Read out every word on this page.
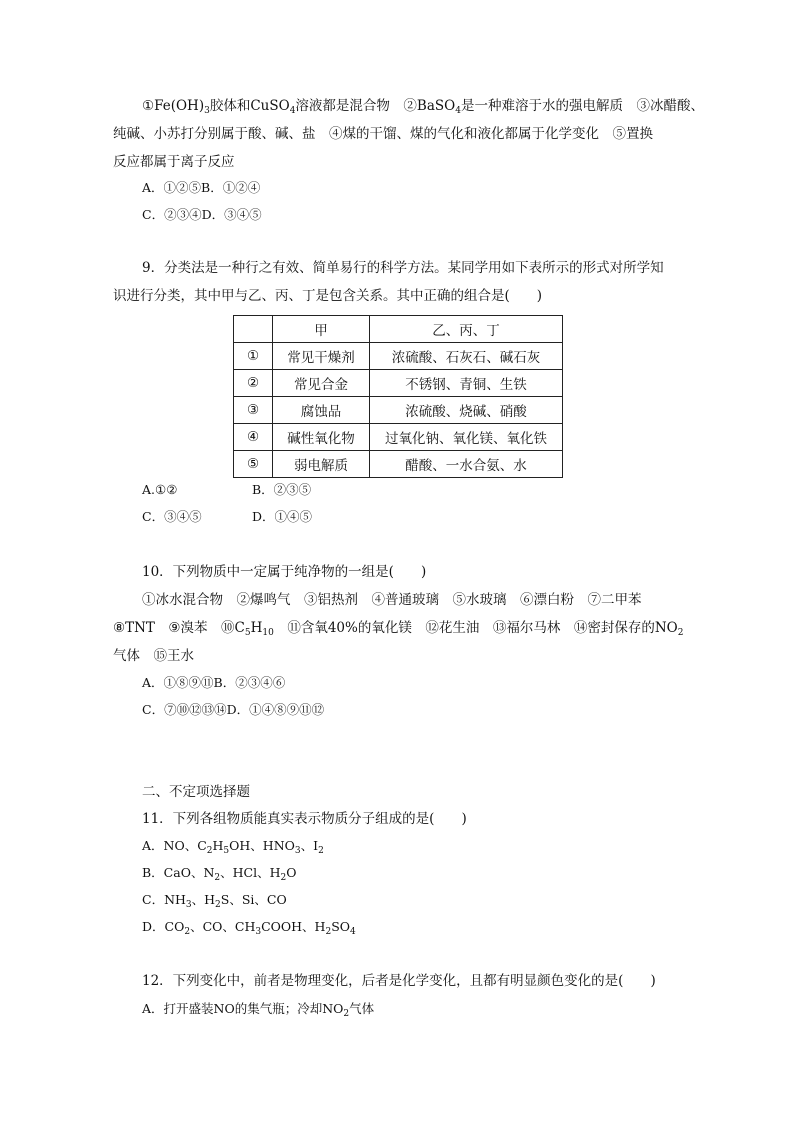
$①Fe(OH)_3$胶体和CuSO$_4$溶液都是混合物　②BaSO$_4$是一种难溶于水的强电解质　③冰醋酸、
纯碱、小苏打分别属于酸、碱、盐　④煤的干馏、煤的气化和液化都属于化学变化　⑤置换
反应都属于离子反应
A．①②⑤B．①②④
C．②③④D．③④⑤
9．分类法是一种行之有效、简单易行的科学方法。某同学用如下表所示的形式对所学知
识进行分类，其中甲与乙、丙、丁是包含关系。其中正确的组合是(　　)
	甲	乙、丙、丁
①	常见干燥剂	浓硫酸、石灰石、碱石灰
②	常见合金	不锈钢、青铜、生铁
③	腐蚀品	浓硫酸、烧碱、硝酸
④	碱性氧化物	过氧化钠、氧化镁、氧化铁
⑤	弱电解质	醋酸、一水合氨、水
A.①②	B．②③⑤
C．③④⑤	D．①④⑤
10．下列物质中一定属于纯净物的一组是(　　)
①冰水混合物　②爆鸣气　③铝热剂　④普通玻璃　⑤水玻璃　⑥漂白粉　⑦二甲苯
⑧TNT　⑨溴苯　$⑩C_5H_{10}$　⑪含氧40%的氧化镁　⑫花生油　⑬福尔马林　⑭密封保存的$NO_2$
气体　⑮王水
A．①⑧⑨⑪B．②③④⑥
C．⑦⑩⑫⑬⑭D．①④⑧⑨⑪⑫
二、不定项选择题
11．下列各组物质能真实表示物质分子组成的是(　　)
A．NO、$C_2H_5OH$、$HNO_3$、$I_2$
B．CaO、$N_2$、HCl、$H_2O$
C．$NH_3$、$H_2S$、Si、CO
D．$CO_2$、CO、$CH_3COOH$、$H_2SO_4$
12．下列变化中，前者是物理变化，后者是化学变化，且都有明显颜色变化的是(　　)
A．打开盛装NO的集气瓶；冷却$NO_2$气体
